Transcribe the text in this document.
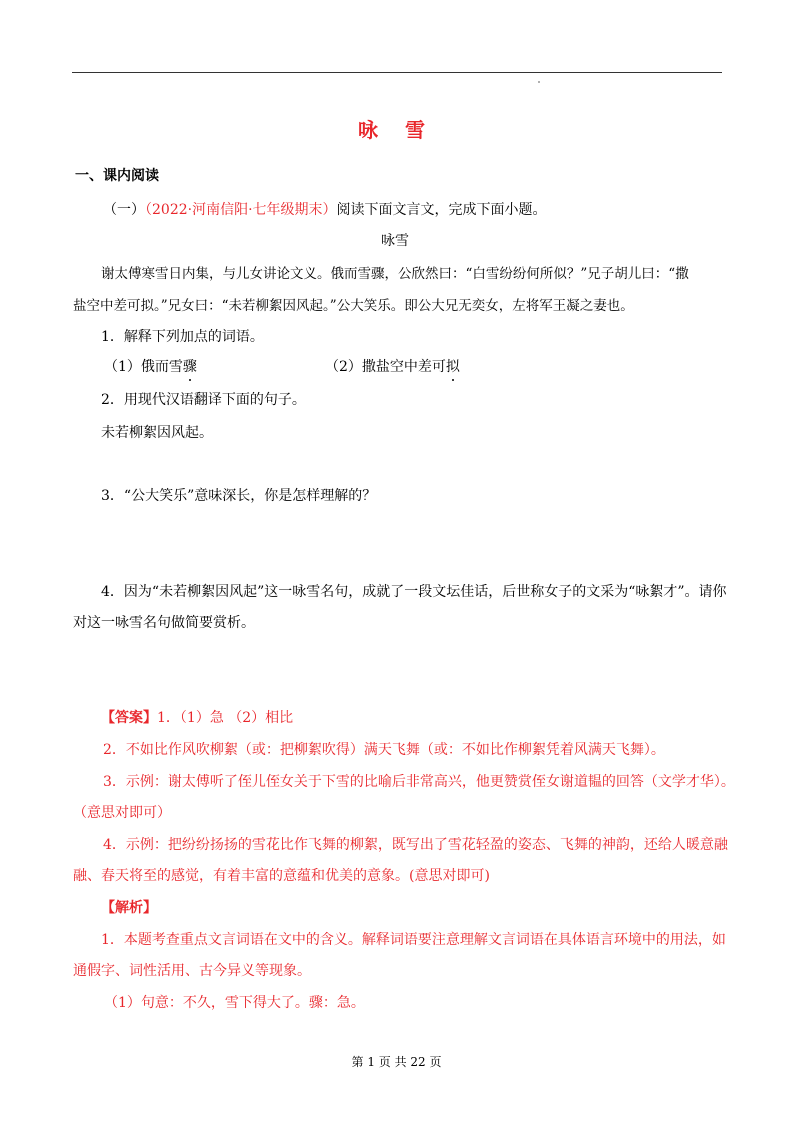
咏 雪
一、课内阅读
（一）（2022·河南信阳·七年级期末）阅读下面文言文，完成下面小题。
咏雪
谢太傅寒雪日内集，与儿女讲论文义。俄而雪骤，公欣然曰：“白雪纷纷何所似？”兄子胡儿曰：“撒
盐空中差可拟。”兄女曰：“未若柳絮因风起。”公大笑乐。即公大兄无奕女，左将军王凝之妻也。
1．解释下列加点的词语。
（1）俄而雪骤	（2）撒盐空中差可拟
2．用现代汉语翻译下面的句子。
未若柳絮因风起。
3．“公大笑乐”意味深长，你是怎样理解的？
4．因为“未若柳絮因风起”这一咏雪名句，成就了一段文坛佳话，后世称女子的文采为“咏絮才”。请你
对这一咏雪名句做简要赏析。
【答案】1．（1）急 （2）相比
2．不如比作风吹柳絮（或：把柳絮吹得）满天飞舞（或：不如比作柳絮凭着风满天飞舞）。
3．示例：谢太傅听了侄儿侄女关于下雪的比喻后非常高兴，他更赞赏侄女谢道韫的回答（文学才华）。
（意思对即可）
4．示例：把纷纷扬扬的雪花比作飞舞的柳絮，既写出了雪花轻盈的姿态、飞舞的神韵，还给人暖意融
融、春天将至的感觉，有着丰富的意蕴和优美的意象。(意思对即可)
【解析】
1．本题考查重点文言词语在文中的含义。解释词语要注意理解文言词语在具体语言环境中的用法，如
通假字、词性活用、古今异义等现象。
（1）句意：不久，雪下得大了。骤：急。
第 1 页 共 22 页
